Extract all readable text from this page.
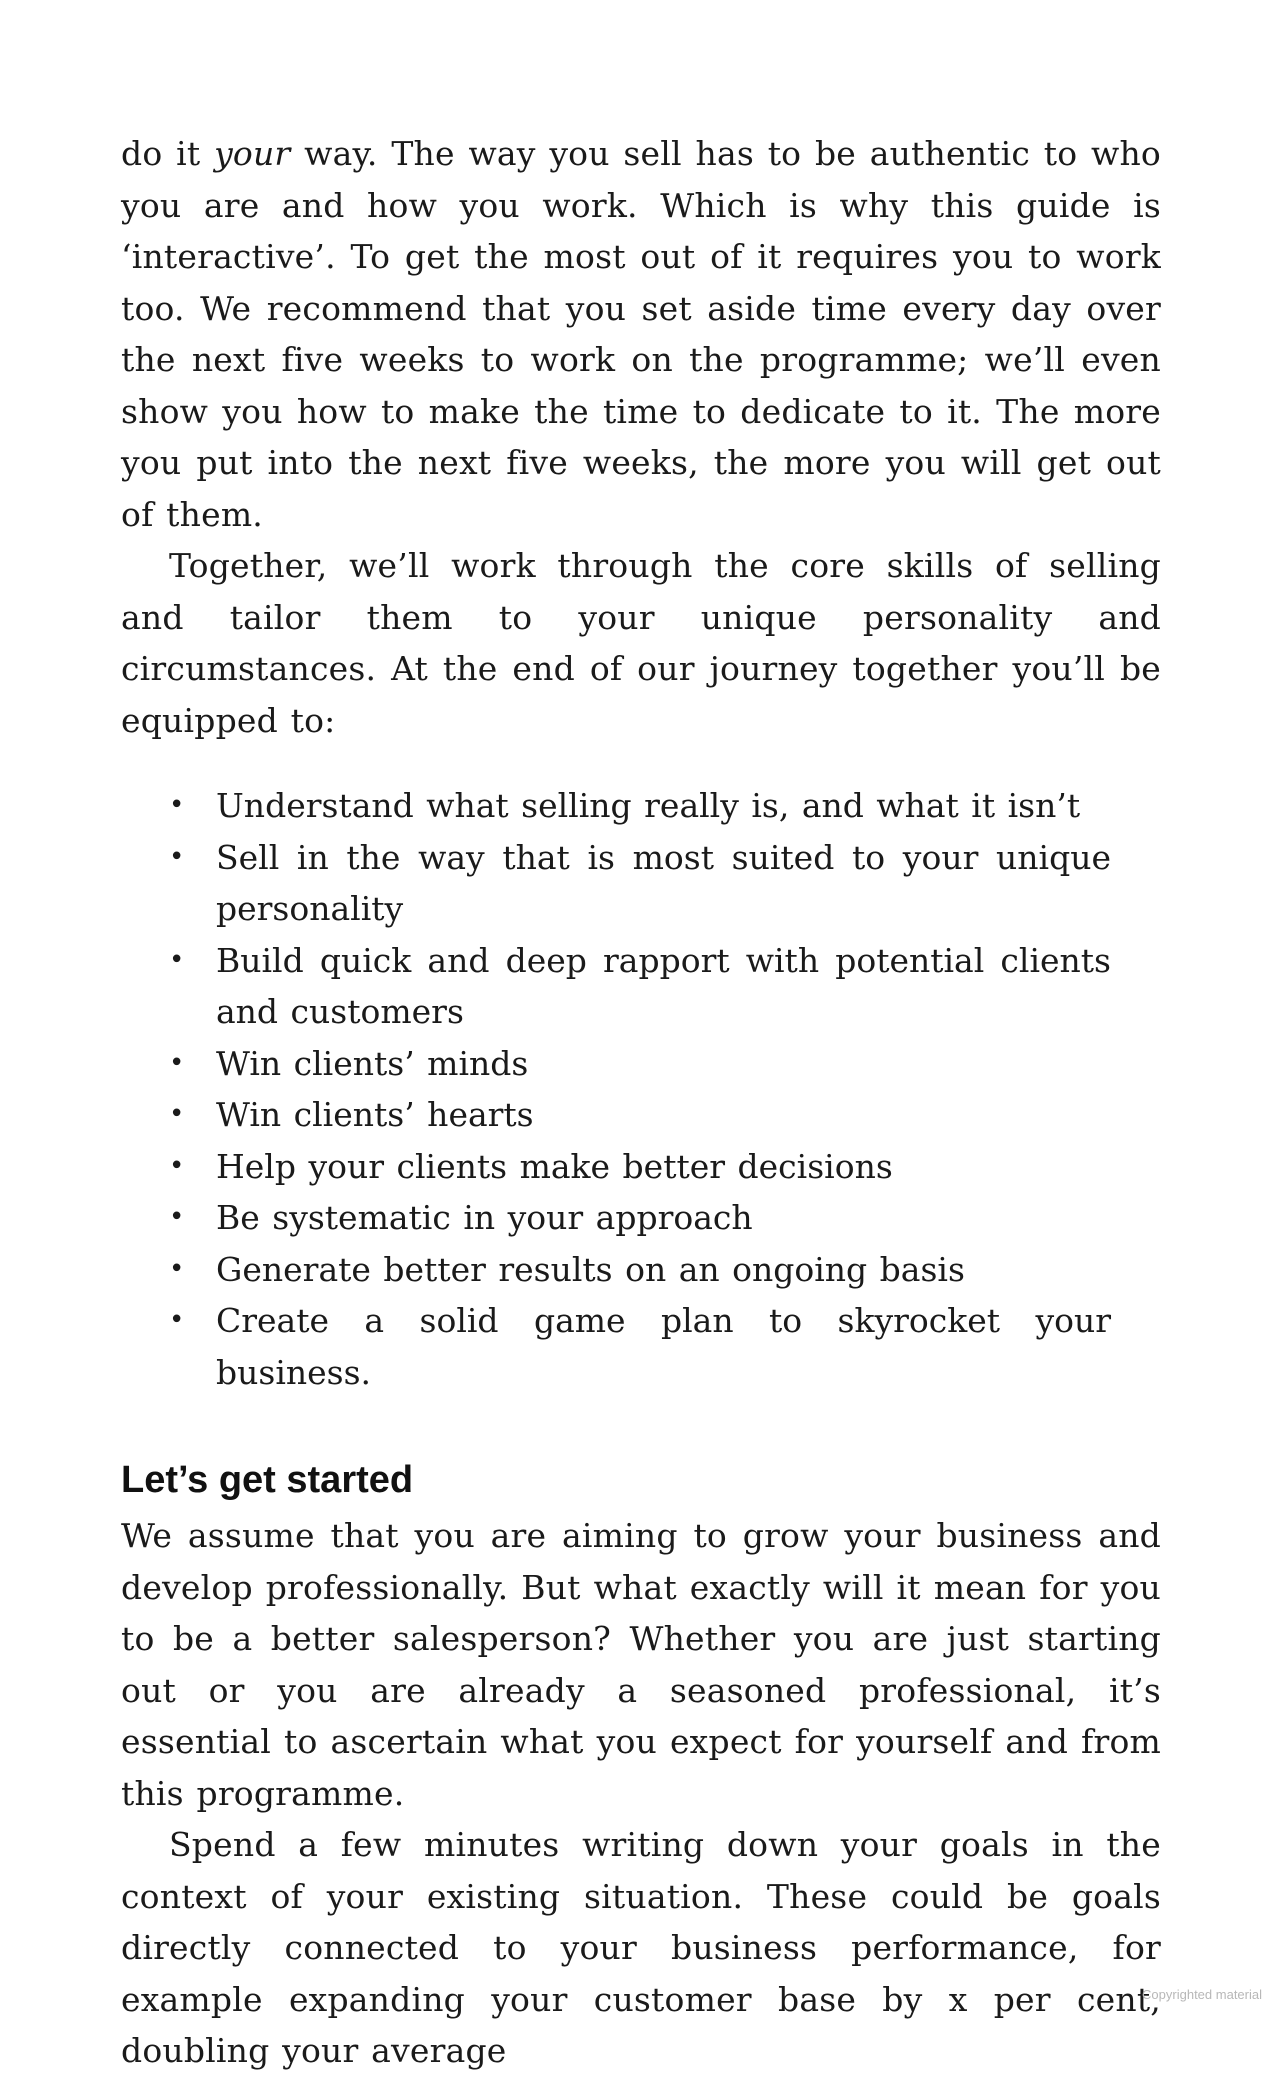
do it your way. The way you sell has to be authentic to who you are and how you work. Which is why this guide is ‘interactive’. To get the most out of it requires you to work too. We recommend that you set aside time every day over the next five weeks to work on the programme; we’ll even show you how to make the time to dedicate to it. The more you put into the next five weeks, the more you will get out of them.

Together, we’ll work through the core skills of selling and tailor them to your unique personality and circumstances. At the end of our journey together you’ll be equipped to:

• Understand what selling really is, and what it isn’t
• Sell in the way that is most suited to your unique personality
• Build quick and deep rapport with potential clients and customers
• Win clients’ minds
• Win clients’ hearts
• Help your clients make better decisions
• Be systematic in your approach
• Generate better results on an ongoing basis
• Create a solid game plan to skyrocket your business.
Let’s get started

We assume that you are aiming to grow your business and develop professionally. But what exactly will it mean for you to be a better salesperson? Whether you are just starting out or you are already a seasoned professional, it’s essential to ascertain what you expect for yourself and from this programme.

Spend a few minutes writing down your goals in the context of your existing situation. These could be goals directly connected to your business performance, for example expanding your customer base by x per cent, doubling your average

Copyrighted material
